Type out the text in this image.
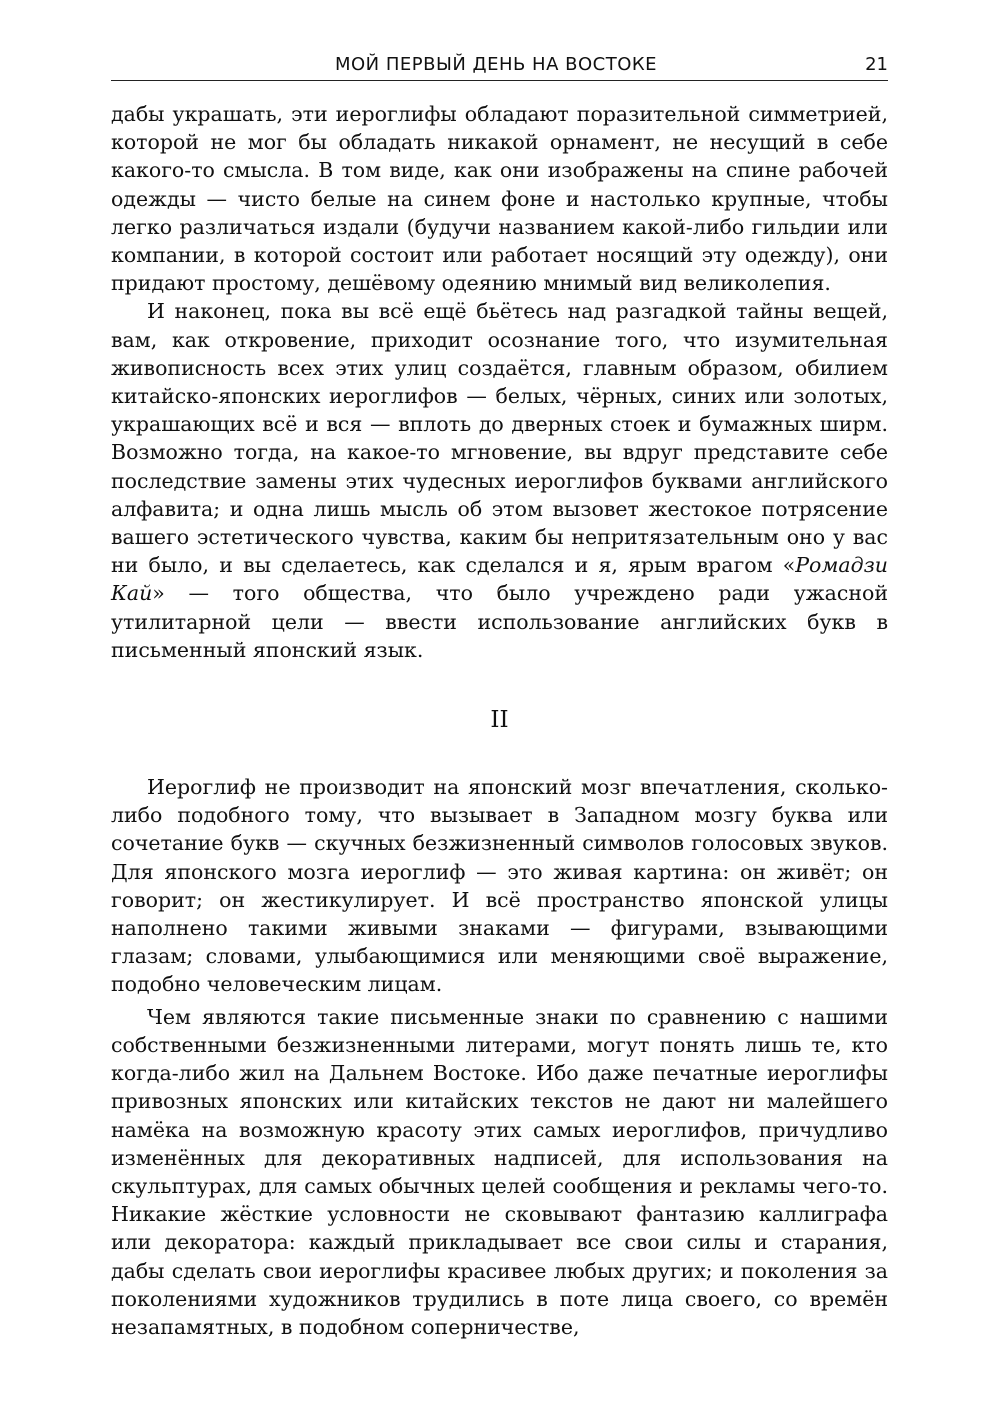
МОЙ ПЕРВЫЙ ДЕНЬ НА ВОСТОКЕ	21

дабы украшать, эти иероглифы обладают поразительной симметрией, которой не мог бы обладать никакой орнамент, не несущий в себе какого-то смысла. В том виде, как они изображены на спине рабочей одежды — чисто белые на синем фоне и настолько крупные, чтобы легко различаться издали (будучи названием какой-либо гильдии или компании, в которой состоит или работает носящий эту одежду), они придают простому, дешёвому одеянию мнимый вид великолепия.

И наконец, пока вы всё ещё бьётесь над разгадкой тайны вещей, вам, как откровение, приходит осознание того, что изумительная живописность всех этих улиц создаётся, главным образом, обилием китайско-японских иероглифов — белых, чёрных, синих или золотых, украшающих всё и вся — вплоть до дверных стоек и бумажных ширм. Возможно тогда, на какое-то мгновение, вы вдруг представите себе последствие замены этих чудесных иероглифов буквами английского алфавита; и одна лишь мысль об этом вызовет жестокое потрясение вашего эстетического чувства, каким бы непритязательным оно у вас ни было, и вы сделаетесь, как сделался и я, ярым врагом «Ромадзи Кай» — того общества, что было учреждено ради ужасной утилитарной цели — ввести использование английских букв в письменный японский язык.

II

Иероглиф не производит на японский мозг впечатления, сколько-либо подобного тому, что вызывает в Западном мозгу буква или сочетание букв — скучных безжизненный символов голосовых звуков. Для японского мозга иероглиф — это живая картина: он живёт; он говорит; он жестикулирует. И всё пространство японской улицы наполнено такими живыми знаками — фигурами, взывающими глазам; словами, улыбающимися или меняющими своё выражение, подобно человеческим лицам.

Чем являются такие письменные знаки по сравнению с нашими собственными безжизненными литерами, могут понять лишь те, кто когда-либо жил на Дальнем Востоке. Ибо даже печатные иероглифы привозных японских или китайских текстов не дают ни малейшего намёка на возможную красоту этих самых иероглифов, причудливо изменённых для декоративных надписей, для использования на скульптурах, для самых обычных целей сообщения и рекламы чего-то. Никакие жёсткие условности не сковывают фантазию каллиграфа или декоратора: каждый прикладывает все свои силы и старания, дабы сделать свои иероглифы красивее любых других; и поколения за поколениями художников трудились в поте лица своего, со времён незапамятных, в подобном соперничестве,
